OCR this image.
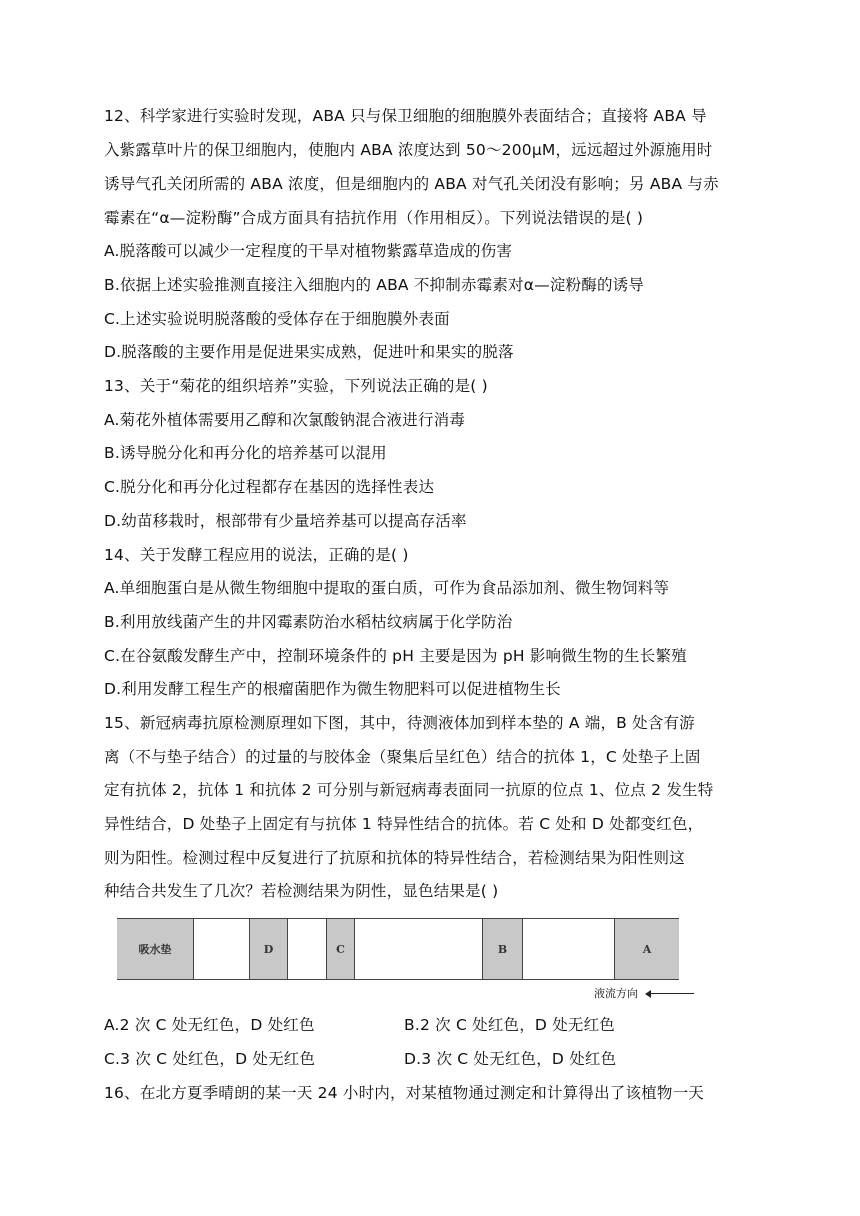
12、科学家进行实验时发现，ABA 只与保卫细胞的细胞膜外表面结合；直接将 ABA 导
入紫露草叶片的保卫细胞内，使胞内 ABA 浓度达到 50～200μM，远远超过外源施用时
诱导气孔关闭所需的 ABA 浓度，但是细胞内的 ABA 对气孔关闭没有影响；另 ABA 与赤
霉素在“α—淀粉酶”合成方面具有拮抗作用（作用相反）。下列说法错误的是( )
A.脱落酸可以减少一定程度的干旱对植物紫露草造成的伤害
B.依据上述实验推测直接注入细胞内的 ABA 不抑制赤霉素对α—淀粉酶的诱导
C.上述实验说明脱落酸的受体存在于细胞膜外表面
D.脱落酸的主要作用是促进果实成熟，促进叶和果实的脱落
13、关于“菊花的组织培养”实验，下列说法正确的是( )
A.菊花外植体需要用乙醇和次氯酸钠混合液进行消毒
B.诱导脱分化和再分化的培养基可以混用
C.脱分化和再分化过程都存在基因的选择性表达
D.幼苗移栽时，根部带有少量培养基可以提高存活率
14、关于发酵工程应用的说法，正确的是( )
A.单细胞蛋白是从微生物细胞中提取的蛋白质，可作为食品添加剂、微生物饲料等
B.利用放线菌产生的井冈霉素防治水稻枯纹病属于化学防治
C.在谷氨酸发酵生产中，控制环境条件的 pH 主要是因为 pH 影响微生物的生长繁殖
D.利用发酵工程生产的根瘤菌肥作为微生物肥料可以促进植物生长
15、新冠病毒抗原检测原理如下图，其中，待测液体加到样本垫的 A 端，B 处含有游
离（不与垫子结合）的过量的与胶体金（聚集后呈红色）结合的抗体 1，C 处垫子上固
定有抗体 2，抗体 1 和抗体 2 可分别与新冠病毒表面同一抗原的位点 1、位点 2 发生特
异性结合，D 处垫子上固定有与抗体 1 特异性结合的抗体。若 C 处和 D 处都变红色，
则为阳性。检测过程中反复进行了抗原和抗体的特异性结合，若检测结果为阳性则这
种结合共发生了几次？若检测结果为阴性，显色结果是( )
吸水垫	D	C	B	A
液流方向
A.2 次 C 处无红色，D 处红色	B.2 次 C 处红色，D 处无红色
C.3 次 C 处红色，D 处无红色	D.3 次 C 处无红色，D 处红色
16、在北方夏季晴朗的某一天 24 小时内，对某植物通过测定和计算得出了该植物一天
